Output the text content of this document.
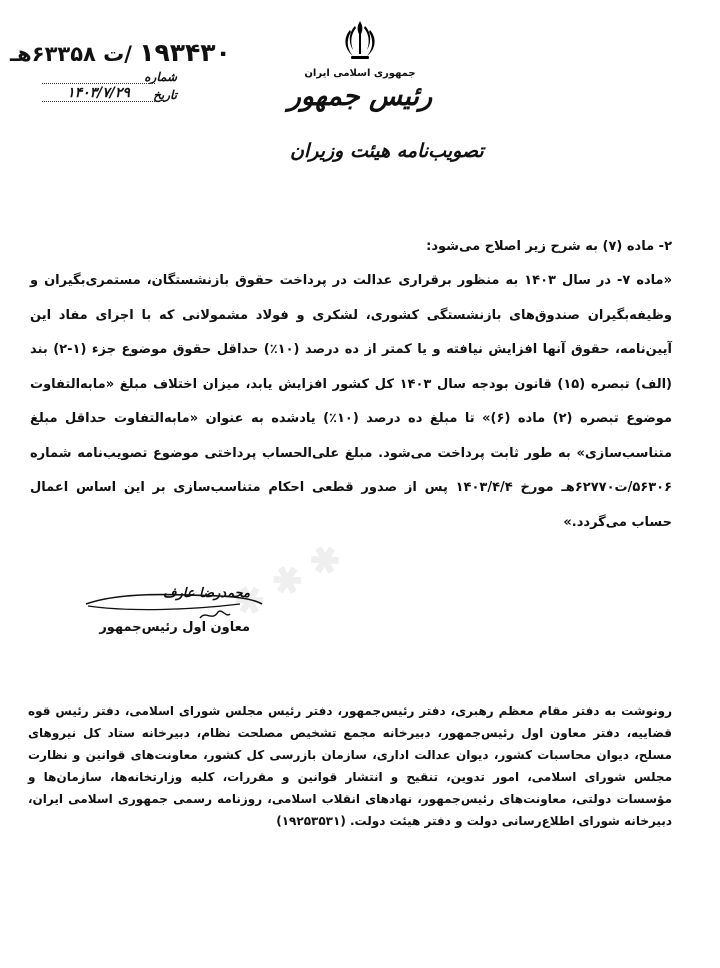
۱۹۳۴۳۰ /ت ۶۳۳۵۸هـ
شماره
تاریخ
۱۴۰۳/۷/۲۹
جمهوری اسلامی ایران
رئیس جمهور
تصویب‌نامه هیئت وزیران
۲- ماده (۷) به شرح زیر اصلاح می‌شود:
«ماده ۷- در سال ۱۴۰۳ به منظور برقراری عدالت در پرداخت حقوق بازنشستگان، مستمری‌بگیران و وظیفه‌بگیران صندوق‌های بازنشستگی کشوری، لشکری و فولاد مشمولانی که با اجرای مفاد این آیین‌نامه، حقوق آنها افزایش نیافته و یا کمتر از ده درصد (۱۰٪) حداقل حقوق موضوع جزء (۱-۲) بند (الف) تبصره (۱۵) قانون بودجه سال ۱۴۰۳ کل کشور افزایش یابد، میزان اختلاف مبلغ «مابه‌التفاوت موضوع تبصره (۲) ماده (۶)» تا مبلغ ده درصد (۱۰٪) یادشده به عنوان «مابه‌التفاوت حداقل مبلغ متناسب‌سازی» به طور ثابت پرداخت می‌شود. مبلغ علی‌الحساب پرداختی موضوع تصویب‌نامه شماره ۵۶۳۰۶/ت۶۲۷۷۰هـ مورخ ۱۴۰۳/۴/۴ پس از صدور قطعی احکام متناسب‌سازی بر این اساس اعمال حساب می‌گردد.»
✱ ✱ ✱
محمدرضا عارف
معاون اول رئیس‌جمهور
رونوشت به دفتر مقام معظم رهبری، دفتر رئیس‌جمهور، دفتر رئیس مجلس شورای اسلامی، دفتر رئیس قوه قضاییه، دفتر معاون اول رئیس‌جمهور، دبیرخانه مجمع تشخیص مصلحت نظام، دبیرخانه ستاد کل نیروهای مسلح، دیوان محاسبات کشور، دیوان عدالت اداری، سازمان بازرسی کل کشور، معاونت‌های قوانین و نظارت مجلس شورای اسلامی، امور تدوین، تنقیح و انتشار قوانین و مقررات، کلیه وزارتخانه‌ها، سازمان‌ها و مؤسسات دولتی، معاونت‌های رئیس‌جمهور، نهادهای انقلاب اسلامی، روزنامه رسمی جمهوری اسلامی ایران، دبیرخانه شورای اطلاع‌رسانی دولت و دفتر هیئت دولت. (۱۹۲۵۳۵۳۱)
